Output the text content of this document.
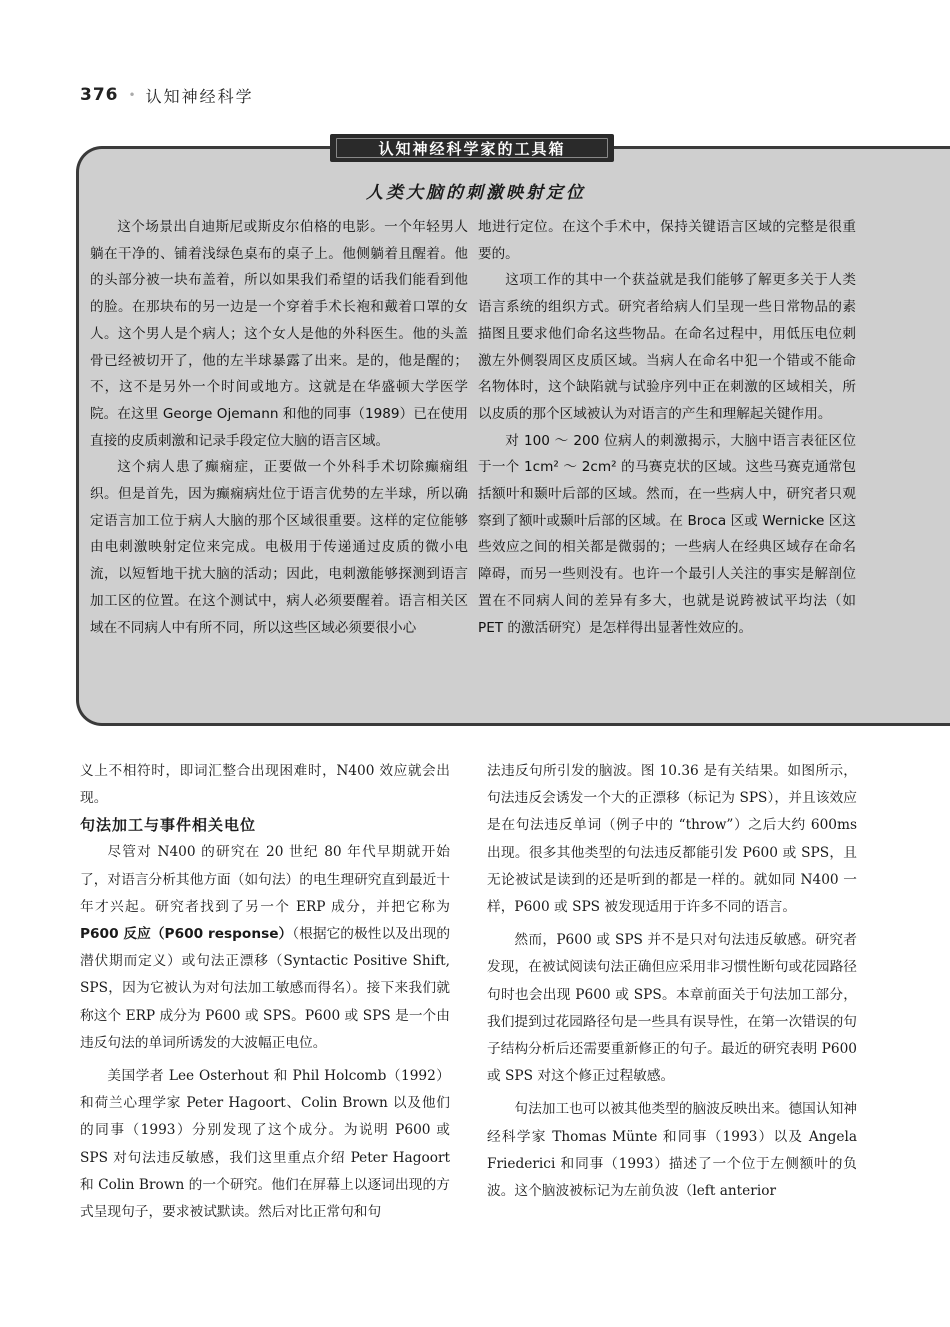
376 • 认知神经科学
认知神经科学家的工具箱
人类大脑的刺激映射定位

这个场景出自迪斯尼或斯皮尔伯格的电影。一个年轻男人躺在干净的、铺着浅绿色桌布的桌子上。他侧躺着且醒着。他的头部分被一块布盖着，所以如果我们希望的话我们能看到他的脸。在那块布的另一边是一个穿着手术长袍和戴着口罩的女人。这个男人是个病人；这个女人是他的外科医生。他的头盖骨已经被切开了，他的左半球暴露了出来。是的，他是醒的；不，这不是另外一个时间或地方。这就是在华盛顿大学医学院。在这里 George Ojemann 和他的同事（1989）已在使用直接的皮质刺激和记录手段定位大脑的语言区域。

这个病人患了癫痫症，正要做一个外科手术切除癫痫组织。但是首先，因为癫痫病灶位于语言优势的左半球，所以确定语言加工位于病人大脑的那个区域很重要。这样的定位能够由电刺激映射定位来完成。电极用于传递通过皮质的微小电流，以短暂地干扰大脑的活动；因此，电刺激能够探测到语言加工区的位置。在这个测试中，病人必须要醒着。语言相关区域在不同病人中有所不同，所以这些区域必须要很小心

地进行定位。在这个手术中，保持关键语言区域的完整是很重要的。

这项工作的其中一个获益就是我们能够了解更多关于人类语言系统的组织方式。研究者给病人们呈现一些日常物品的素描图且要求他们命名这些物品。在命名过程中，用低压电位刺激左外侧裂周区皮质区域。当病人在命名中犯一个错或不能命名物体时，这个缺陷就与试验序列中正在刺激的区域相关，所以皮质的那个区域被认为对语言的产生和理解起关键作用。

对 100 ～ 200 位病人的刺激揭示，大脑中语言表征区位于一个 1cm² ～ 2cm² 的马赛克状的区域。这些马赛克通常包括额叶和颞叶后部的区域。然而，在一些病人中，研究者只观察到了额叶或颞叶后部的区域。在 Broca 区或 Wernicke 区这些效应之间的相关都是微弱的；一些病人在经典区域存在命名障碍，而另一些则没有。也许一个最引人关注的事实是解剖位置在不同病人间的差异有多大，也就是说跨被试平均法（如 PET 的激活研究）是怎样得出显著性效应的。

义上不相符时，即词汇整合出现困难时，N400 效应就会出现。

句法加工与事件相关电位

尽管对 N400 的研究在 20 世纪 80 年代早期就开始了，对语言分析其他方面（如句法）的电生理研究直到最近十年才兴起。研究者找到了另一个 ERP 成分，并把它称为 P600 反应（P600 response）（根据它的极性以及出现的潜伏期而定义）或句法正漂移（Syntactic Positive Shift, SPS，因为它被认为对句法加工敏感而得名）。接下来我们就称这个 ERP 成分为 P600 或 SPS。P600 或 SPS 是一个由违反句法的单词所诱发的大波幅正电位。

美国学者 Lee Osterhout 和 Phil Holcomb（1992）和荷兰心理学家 Peter Hagoort、Colin Brown 以及他们的同事（1993）分别发现了这个成分。为说明 P600 或 SPS 对句法违反敏感，我们这里重点介绍 Peter Hagoort 和 Colin Brown 的一个研究。他们在屏幕上以逐词出现的方式呈现句子，要求被试默读。然后对比正常句和句

法违反句所引发的脑波。图 10.36 是有关结果。如图所示，句法违反会诱发一个大的正漂移（标记为 SPS），并且该效应是在句法违反单词（例子中的 “throw”）之后大约 600ms 出现。很多其他类型的句法违反都能引发 P600 或 SPS，且无论被试是读到的还是听到的都是一样的。就如同 N400 一样，P600 或 SPS 被发现适用于许多不同的语言。

然而，P600 或 SPS 并不是只对句法违反敏感。研究者发现，在被试阅读句法正确但应采用非习惯性断句或花园路径句时也会出现 P600 或 SPS。本章前面关于句法加工部分，我们提到过花园路径句是一些具有误导性，在第一次错误的句子结构分析后还需要重新修正的句子。最近的研究表明 P600 或 SPS 对这个修正过程敏感。

句法加工也可以被其他类型的脑波反映出来。德国认知神经科学家 Thomas Münte 和同事（1993）以及 Angela Friederici 和同事（1993）描述了一个位于左侧额叶的负波。这个脑波被标记为左前负波（left anterior
